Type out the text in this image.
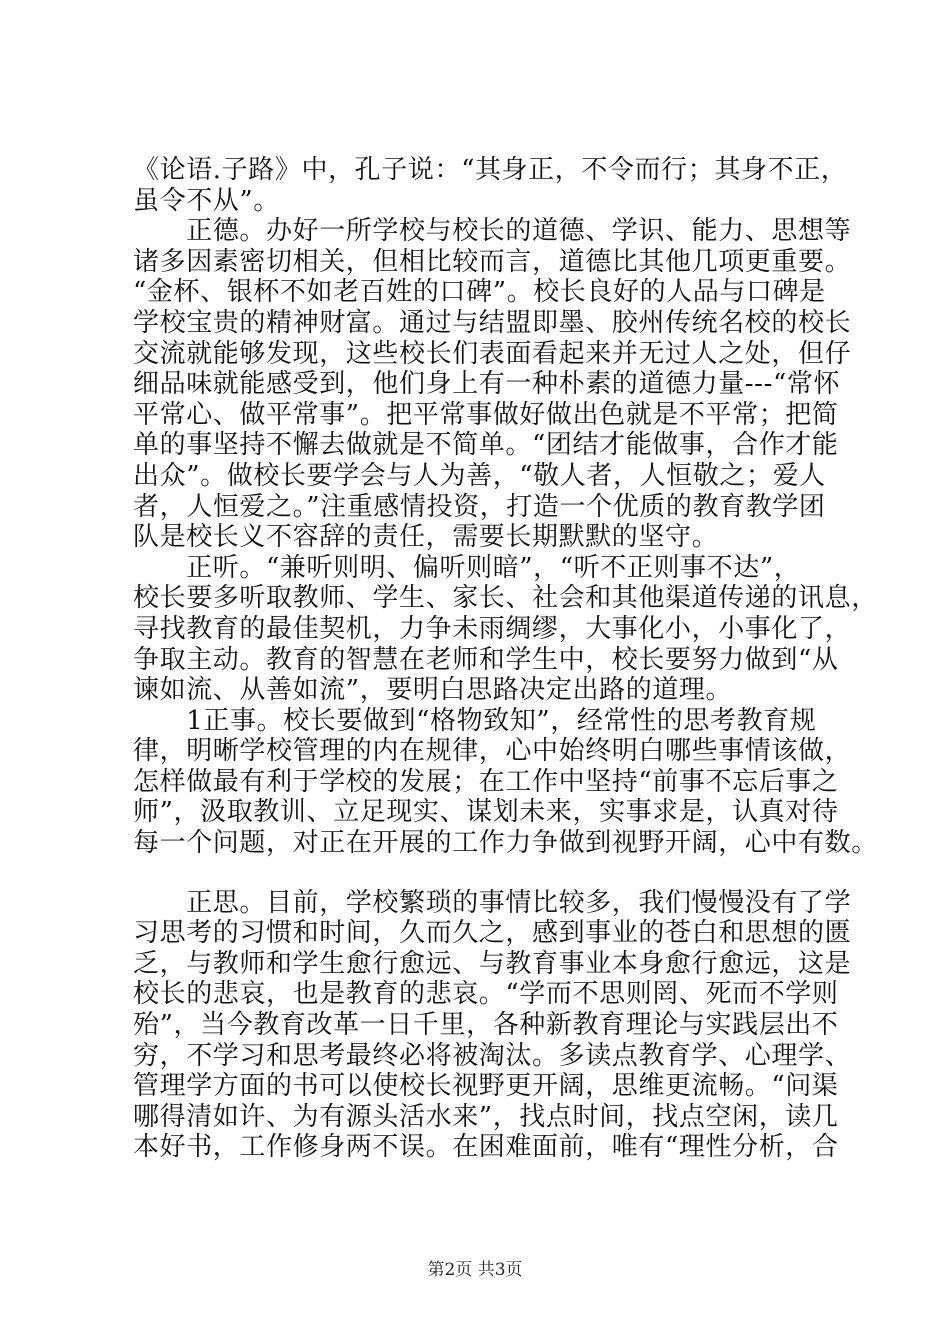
《论语.子路》中，孔子说：“其身正，不令而行；其身不正，
虽令不从”。
　　正德。办好一所学校与校长的道德、学识、能力、思想等
诸多因素密切相关，但相比较而言，道德比其他几项更重要。
“金杯、银杯不如老百姓的口碑”。校长良好的人品与口碑是
学校宝贵的精神财富。通过与结盟即墨、胶州传统名校的校长
交流就能够发现，这些校长们表面看起来并无过人之处，但仔
细品味就能感受到，他们身上有一种朴素的道德力量---“常怀
平常心、做平常事”。把平常事做好做出色就是不平常；把简
单的事坚持不懈去做就是不简单。“团结才能做事，合作才能
出众”。做校长要学会与人为善，“敬人者，人恒敬之；爱人
者，人恒爱之。”注重感情投资，打造一个优质的教育教学团
队是校长义不容辞的责任，需要长期默默的坚守。
　　正听。“兼听则明、偏听则暗”，“听不正则事不达”，
校长要多听取教师、学生、家长、社会和其他渠道传递的讯息，
寻找教育的最佳契机，力争未雨绸缪，大事化小，小事化了，
争取主动。教育的智慧在老师和学生中，校长要努力做到“从
谏如流、从善如流”，要明白思路决定出路的道理。
　　1正事。校长要做到“格物致知”，经常性的思考教育规
律，明晰学校管理的内在规律，心中始终明白哪些事情该做，
怎样做最有利于学校的发展；在工作中坚持“前事不忘后事之
师”，汲取教训、立足现实、谋划未来，实事求是，认真对待
每一个问题，对正在开展的工作力争做到视野开阔，心中有数。
　　正思。目前，学校繁琐的事情比较多，我们慢慢没有了学
习思考的习惯和时间，久而久之，感到事业的苍白和思想的匮
乏，与教师和学生愈行愈远、与教育事业本身愈行愈远，这是
校长的悲哀，也是教育的悲哀。“学而不思则罔、死而不学则
殆”，当今教育改革一日千里，各种新教育理论与实践层出不
穷，不学习和思考最终必将被淘汰。多读点教育学、心理学、
管理学方面的书可以使校长视野更开阔，思维更流畅。“问渠
哪得清如许、为有源头活水来”，找点时间，找点空闲，读几
本好书，工作修身两不误。在困难面前，唯有“理性分析，合
第2页 共3页
